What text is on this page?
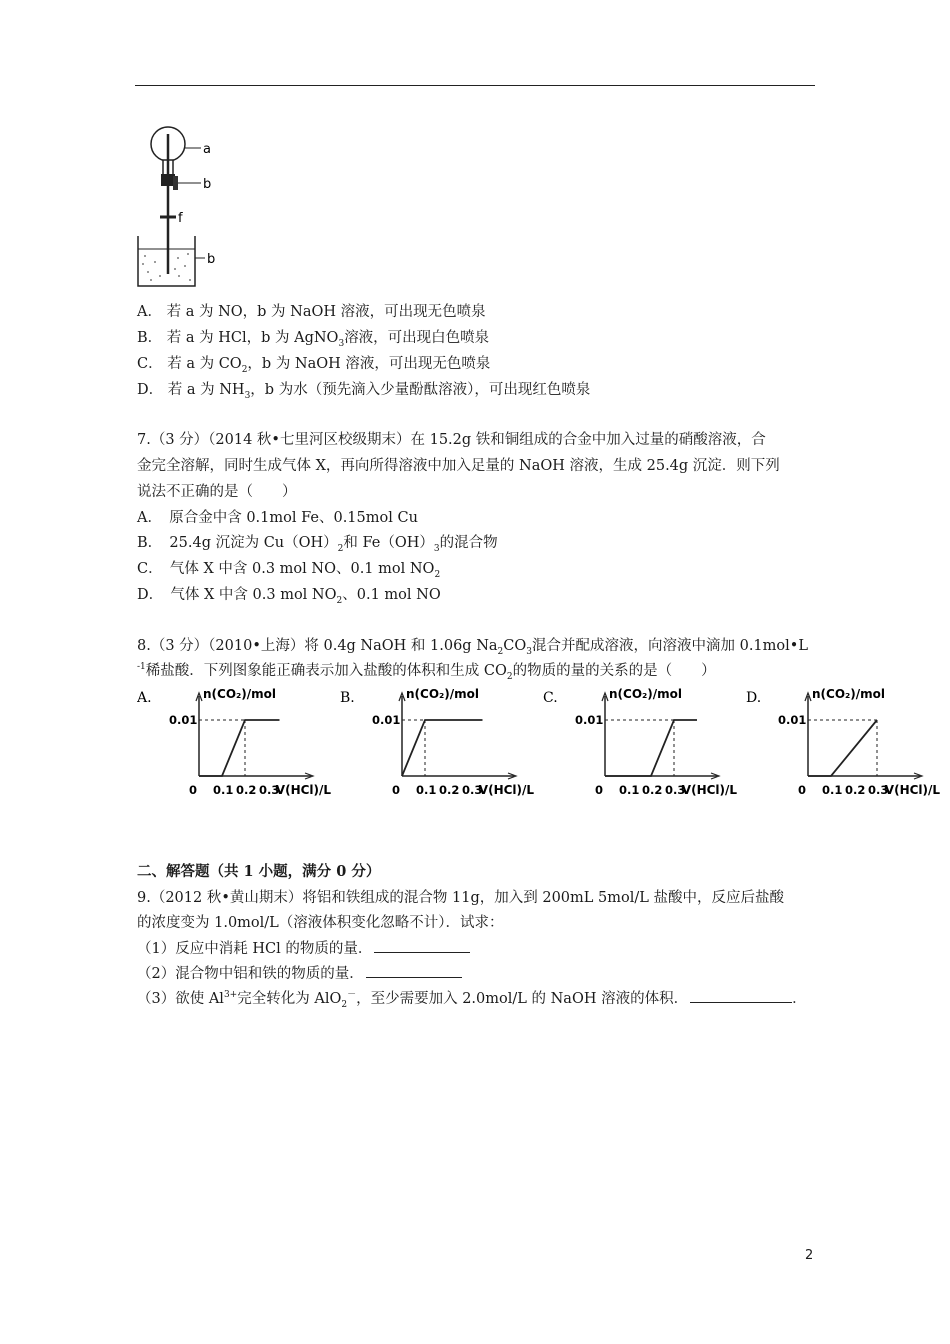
a
b
f
b
A． 若 a 为 NO，b 为 NaOH 溶液，可出现无色喷泉
B． 若 a 为 HCl，b 为 AgNO$_3$溶液，可出现白色喷泉
C． 若 a 为 $CO_2$，b 为 NaOH 溶液，可出现无色喷泉
D． 若 a 为 $NH_3$，b 为水（预先滴入少量酚酞溶液），可出现红色喷泉
7.（3 分）（2014 秋•七里河区校级期末）在 15.2g 铁和铜组成的合金中加入过量的硝酸溶液，合
金完全溶解，同时生成气体 X，再向所得溶液中加入足量的 NaOH 溶液，生成 25.4g 沉淀．则下列
说法不正确的是（　　）
A．　原合金中含 0.1mol Fe、0.15mol Cu
B．　25.4g 沉淀为 $Cu(OH)_2$和 $Fe(OH)_3$的混合物
C．　气体 X 中含 0.3 mol NO、0.1 mol $NO_2$
D．　气体 X 中含 0.3 mol $NO_2$、0.1 mol NO
8.（3 分）（2010•上海）将 0.4g NaOH 和 1.06g $Na_2CO_3$混合并配成溶液，向溶液中滴加 0.1mol•L
$^{-1}$稀盐酸．下列图象能正确表示加入盐酸的体积和生成 $CO_2$的物质的量的关系的是（　　）
A.	n(CO₂)/mol
0.01
0 0.1 0.2 0.3
V(HCl)/L
B.	n(CO₂)/mol
0.01
0 0.1 0.2 0.3
V(HCl)/L
C.	n(CO₂)/mol
0.01
0 0.1 0.2 0.3
V(HCl)/L
D.	n(CO₂)/mol
0.01
0 0.1 0.2 0.3
V(HCl)/L
二、解答题（共 1 小题，满分 0 分）
9.（2012 秋•黄山期末）将铝和铁组成的混合物 11g，加入到 200mL 5mol/L 盐酸中，反应后盐酸
的浓度变为 1.0mol/L（溶液体积变化忽略不计）．试求：
（1）反应中消耗 HCl 的物质的量．
（2）混合物中铝和铁的物质的量．
（3）欲使 $Al^{3+}$完全转化为 AlO$_2$－，至少需要加入 2.0mol/L 的 NaOH 溶液的体积．	．
2
